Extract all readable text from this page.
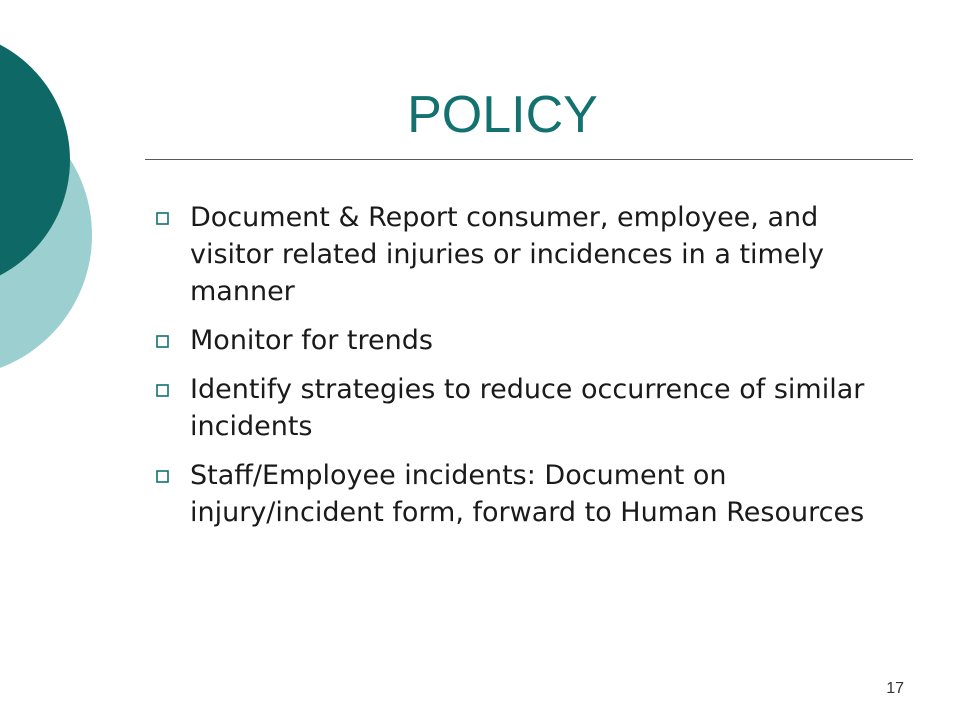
POLICY
Document & Report consumer, employee, and visitor related injuries or incidences in a timely manner
Monitor for trends
Identify strategies to reduce occurrence of similar incidents
Staff/Employee incidents: Document on injury/incident form, forward to Human Resources
17
